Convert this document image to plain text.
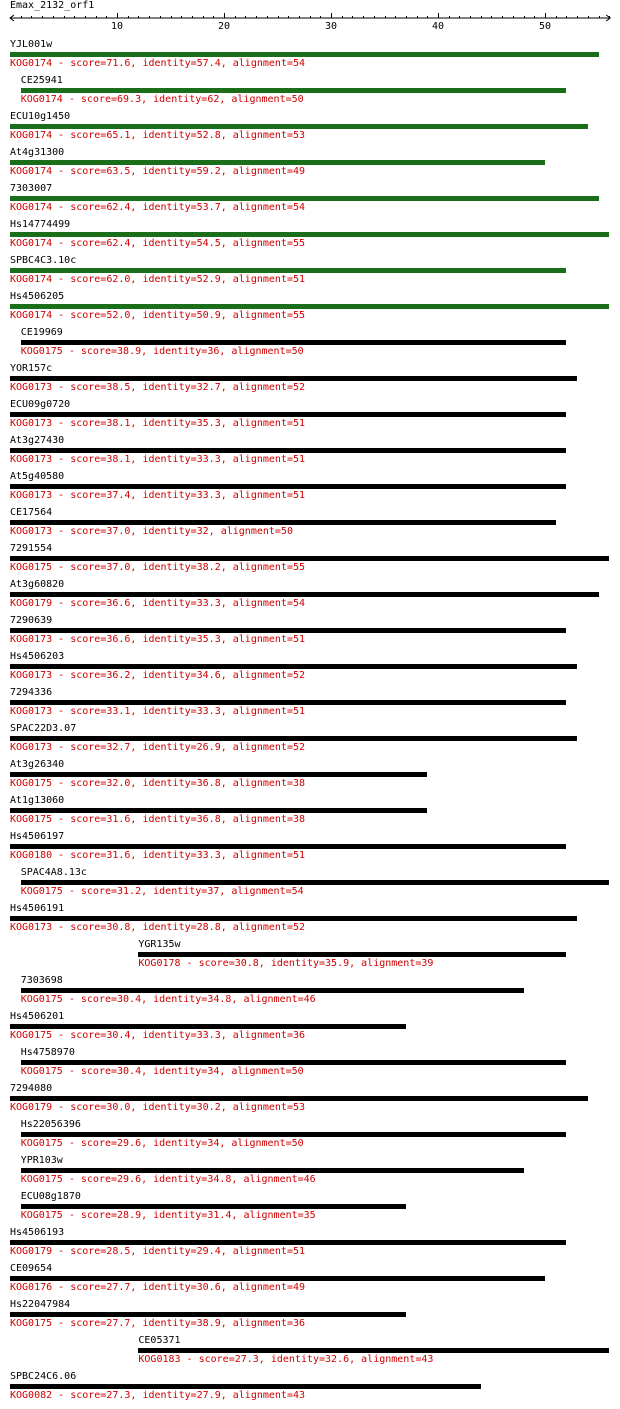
Emax_2132_orf1
10	20	30	40	50
YJL001w
KOG0174 - score=71.6, identity=57.4, alignment=54
CE25941
KOG0174 - score=69.3, identity=62, alignment=50
ECU10g1450
KOG0174 - score=65.1, identity=52.8, alignment=53
At4g31300
KOG0174 - score=63.5, identity=59.2, alignment=49
7303007
KOG0174 - score=62.4, identity=53.7, alignment=54
Hs14774499
KOG0174 - score=62.4, identity=54.5, alignment=55
SPBC4C3.10c
KOG0174 - score=62.0, identity=52.9, alignment=51
Hs4506205
KOG0174 - score=52.0, identity=50.9, alignment=55
CE19969
KOG0175 - score=38.9, identity=36, alignment=50
YOR157c
KOG0173 - score=38.5, identity=32.7, alignment=52
ECU09g0720
KOG0173 - score=38.1, identity=35.3, alignment=51
At3g27430
KOG0173 - score=38.1, identity=33.3, alignment=51
At5g40580
KOG0173 - score=37.4, identity=33.3, alignment=51
CE17564
KOG0173 - score=37.0, identity=32, alignment=50
7291554
KOG0175 - score=37.0, identity=38.2, alignment=55
At3g60820
KOG0179 - score=36.6, identity=33.3, alignment=54
7290639
KOG0173 - score=36.6, identity=35.3, alignment=51
Hs4506203
KOG0173 - score=36.2, identity=34.6, alignment=52
7294336
KOG0173 - score=33.1, identity=33.3, alignment=51
SPAC22D3.07
KOG0173 - score=32.7, identity=26.9, alignment=52
At3g26340
KOG0175 - score=32.0, identity=36.8, alignment=38
At1g13060
KOG0175 - score=31.6, identity=36.8, alignment=38
Hs4506197
KOG0180 - score=31.6, identity=33.3, alignment=51
SPAC4A8.13c
KOG0175 - score=31.2, identity=37, alignment=54
Hs4506191
KOG0173 - score=30.8, identity=28.8, alignment=52
YGR135w
KOG0178 - score=30.8, identity=35.9, alignment=39
7303698
KOG0175 - score=30.4, identity=34.8, alignment=46
Hs4506201
KOG0175 - score=30.4, identity=33.3, alignment=36
Hs4758970
KOG0175 - score=30.4, identity=34, alignment=50
7294080
KOG0179 - score=30.0, identity=30.2, alignment=53
Hs22056396
KOG0175 - score=29.6, identity=34, alignment=50
YPR103w
KOG0175 - score=29.6, identity=34.8, alignment=46
ECU08g1870
KOG0175 - score=28.9, identity=31.4, alignment=35
Hs4506193
KOG0179 - score=28.5, identity=29.4, alignment=51
CE09654
KOG0176 - score=27.7, identity=30.6, alignment=49
Hs22047984
KOG0175 - score=27.7, identity=38.9, alignment=36
CE05371
KOG0183 - score=27.3, identity=32.6, alignment=43
SPBC24C6.06
KOG0082 - score=27.3, identity=27.9, alignment=43
